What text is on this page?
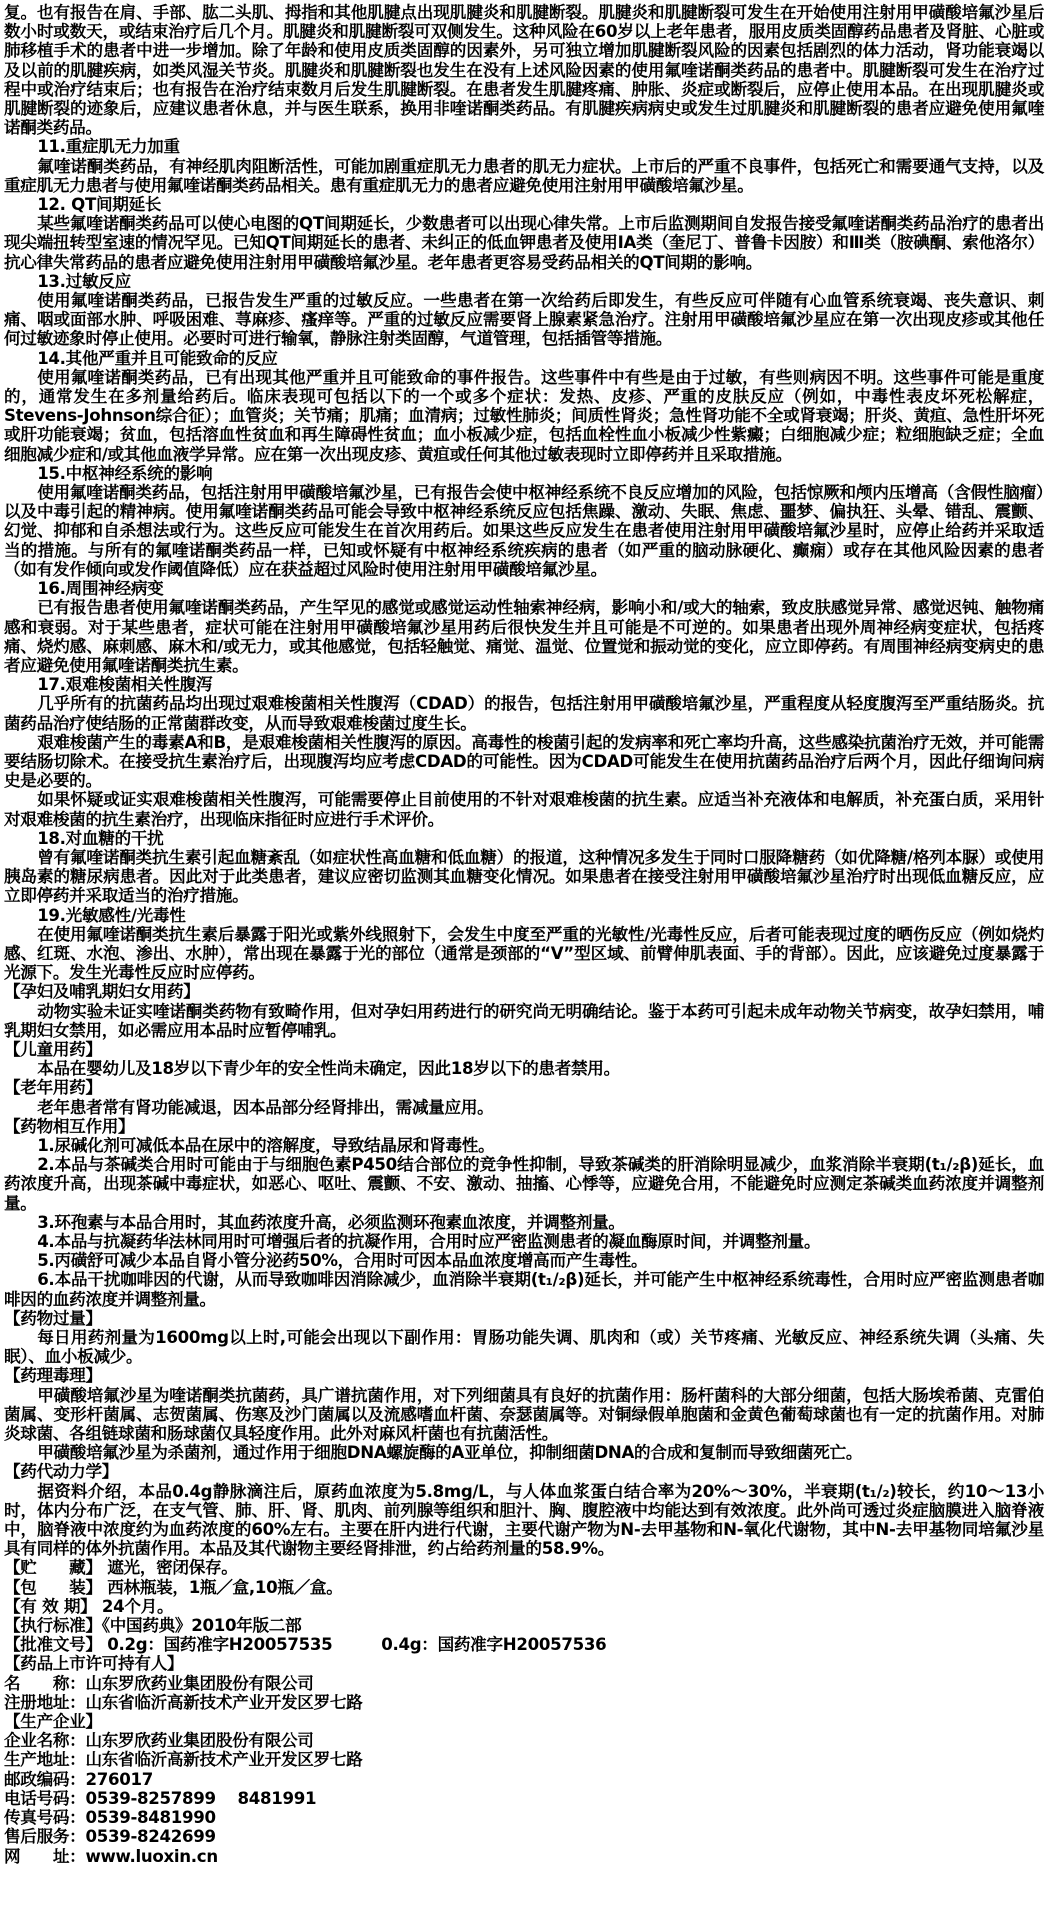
复。也有报告在肩、手部、肱二头肌、拇指和其他肌腱点出现肌腱炎和肌腱断裂。肌腱炎和肌腱断裂可发生在开始使用注射用甲磺酸培氟沙星后数小时或数天，或结束治疗后几个月。肌腱炎和肌腱断裂可双侧发生。这种风险在60岁以上老年患者，服用皮质类固醇药品患者及肾脏、心脏或肺移植手术的患者中进一步增加。除了年龄和使用皮质类固醇的因素外，另可独立增加肌腱断裂风险的因素包括剧烈的体力活动，肾功能衰竭以及以前的肌腱疾病，如类风湿关节炎。肌腱炎和肌腱断裂也发生在没有上述风险因素的使用氟喹诺酮类药品的患者中。肌腱断裂可发生在治疗过程中或治疗结束后；也有报告在治疗结束数月后发生肌腱断裂。在患者发生肌腱疼痛、肿胀、炎症或断裂后，应停止使用本品。在出现肌腱炎或肌腱断裂的迹象后，应建议患者休息，并与医生联系，换用非喹诺酮类药品。有肌腱疾病病史或发生过肌腱炎和肌腱断裂的患者应避免使用氟喹诺酮类药品。
11.重症肌无力加重
氟喹诺酮类药品，有神经肌肉阻断活性，可能加剧重症肌无力患者的肌无力症状。上市后的严重不良事件，包括死亡和需要通气支持，以及重症肌无力患者与使用氟喹诺酮类药品相关。患有重症肌无力的患者应避免使用注射用甲磺酸培氟沙星。
12. QT间期延长
某些氟喹诺酮类药品可以使心电图的QT间期延长，少数患者可以出现心律失常。上市后监测期间自发报告接受氟喹诺酮类药品治疗的患者出现尖端扭转型室速的情况罕见。已知QT间期延长的患者、未纠正的低血钾患者及使用IA类（奎尼丁、普鲁卡因胺）和Ⅲ类（胺碘酮、索他洛尔）抗心律失常药品的患者应避免使用注射用甲磺酸培氟沙星。老年患者更容易受药品相关的QT间期的影响。
13.过敏反应
使用氟喹诺酮类药品，已报告发生严重的过敏反应。一些患者在第一次给药后即发生，有些反应可伴随有心血管系统衰竭、丧失意识、刺痛、咽或面部水肿、呼吸困难、荨麻疹、瘙痒等。严重的过敏反应需要肾上腺素紧急治疗。注射用甲磺酸培氟沙星应在第一次出现皮疹或其他任何过敏迹象时停止使用。必要时可进行输氧，静脉注射类固醇，气道管理，包括插管等措施。
14.其他严重并且可能致命的反应
使用氟喹诺酮类药品，已有出现其他严重并且可能致命的事件报告。这些事件中有些是由于过敏，有些则病因不明。这些事件可能是重度的，通常发生在多剂量给药后。临床表现可包括以下的一个或多个症状：发热、皮疹、严重的皮肤反应（例如，中毒性表皮坏死松解症，Stevens-Johnson综合征）；血管炎；关节痛；肌痛；血清病；过敏性肺炎；间质性肾炎；急性肾功能不全或肾衰竭；肝炎、黄疸、急性肝坏死或肝功能衰竭；贫血，包括溶血性贫血和再生障碍性贫血；血小板减少症，包括血栓性血小板减少性紫癜；白细胞减少症；粒细胞缺乏症；全血细胞减少症和/或其他血液学异常。应在第一次出现皮疹、黄疸或任何其他过敏表现时立即停药并且采取措施。
15.中枢神经系统的影响
使用氟喹诺酮类药品，包括注射用甲磺酸培氟沙星，已有报告会使中枢神经系统不良反应增加的风险，包括惊厥和颅内压增高（含假性脑瘤）以及中毒引起的精神病。使用氟喹诺酮类药品可能会导致中枢神经系统反应包括焦躁、激动、失眠、焦虑、噩梦、偏执狂、头晕、错乱、震颤、幻觉、抑郁和自杀想法或行为。这些反应可能发生在首次用药后。如果这些反应发生在患者使用注射用甲磺酸培氟沙星时，应停止给药并采取适当的措施。与所有的氟喹诺酮类药品一样，已知或怀疑有中枢神经系统疾病的患者（如严重的脑动脉硬化、癫痫）或存在其他风险因素的患者（如有发作倾向或发作阈值降低）应在获益超过风险时使用注射用甲磺酸培氟沙星。
16.周围神经病变
已有报告患者使用氟喹诺酮类药品，产生罕见的感觉或感觉运动性轴索神经病，影响小和/或大的轴索，致皮肤感觉异常、感觉迟钝、触物痛感和衰弱。对于某些患者，症状可能在注射用甲磺酸培氟沙星用药后很快发生并且可能是不可逆的。如果患者出现外周神经病变症状，包括疼痛、烧灼感、麻刺感、麻木和/或无力，或其他感觉，包括轻触觉、痛觉、温觉、位置觉和振动觉的变化，应立即停药。有周围神经病变病史的患者应避免使用氟喹诺酮类抗生素。
17.艰难梭菌相关性腹泻
几乎所有的抗菌药品均出现过艰难梭菌相关性腹泻（CDAD）的报告，包括注射用甲磺酸培氟沙星，严重程度从轻度腹泻至严重结肠炎。抗菌药品治疗使结肠的正常菌群改变，从而导致艰难梭菌过度生长。
艰难梭菌产生的毒素A和B，是艰难梭菌相关性腹泻的原因。高毒性的梭菌引起的发病率和死亡率均升高，这些感染抗菌治疗无效，并可能需要结肠切除术。在接受抗生素治疗后，出现腹泻均应考虑CDAD的可能性。因为CDAD可能发生在使用抗菌药品治疗后两个月，因此仔细询问病史是必要的。
如果怀疑或证实艰难梭菌相关性腹泻，可能需要停止目前使用的不针对艰难梭菌的抗生素。应适当补充液体和电解质，补充蛋白质，采用针对艰难梭菌的抗生素治疗，出现临床指征时应进行手术评价。
18.对血糖的干扰
曾有氟喹诺酮类抗生素引起血糖紊乱（如症状性高血糖和低血糖）的报道，这种情况多发生于同时口服降糖药（如优降糖/格列本脲）或使用胰岛素的糖尿病患者。因此对于此类患者，建议应密切监测其血糖变化情况。如果患者在接受注射用甲磺酸培氟沙星治疗时出现低血糖反应，应立即停药并采取适当的治疗措施。
19.光敏感性/光毒性
在使用氟喹诺酮类抗生素后暴露于阳光或紫外线照射下，会发生中度至严重的光敏性/光毒性反应，后者可能表现过度的晒伤反应（例如烧灼感、红斑、水泡、渗出、水肿），常出现在暴露于光的部位（通常是颈部的“V”型区域、前臂伸肌表面、手的背部）。因此，应该避免过度暴露于光源下。发生光毒性反应时应停药。
【孕妇及哺乳期妇女用药】
动物实验未证实喹诺酮类药物有致畸作用，但对孕妇用药进行的研究尚无明确结论。鉴于本药可引起未成年动物关节病变，故孕妇禁用，哺乳期妇女禁用，如必需应用本品时应暂停哺乳。
【儿童用药】
本品在婴幼儿及18岁以下青少年的安全性尚未确定，因此18岁以下的患者禁用。
【老年用药】
老年患者常有肾功能减退，因本品部分经肾排出，需减量应用。
【药物相互作用】
1.尿碱化剂可减低本品在尿中的溶解度，导致结晶尿和肾毒性。
2.本品与茶碱类合用时可能由于与细胞色素P450结合部位的竞争性抑制，导致茶碱类的肝消除明显减少，血浆消除半衰期(t₁/₂β)延长，血药浓度升高，出现茶碱中毒症状，如恶心、呕吐、震颤、不安、激动、抽搐、心悸等，应避免合用，不能避免时应测定茶碱类血药浓度并调整剂量。
3.环孢素与本品合用时，其血药浓度升高，必须监测环孢素血浓度，并调整剂量。
4.本品与抗凝药华法林同用时可增强后者的抗凝作用，合用时应严密监测患者的凝血酶原时间，并调整剂量。
5.丙磺舒可减少本品自肾小管分泌药50%，合用时可因本品血浓度增高而产生毒性。
6.本品干扰咖啡因的代谢，从而导致咖啡因消除减少，血消除半衰期(t₁/₂β)延长，并可能产生中枢神经系统毒性，合用时应严密监测患者咖啡因的血药浓度并调整剂量。
【药物过量】
每日用药剂量为1600mg以上时,可能会出现以下副作用：胃肠功能失调、肌肉和（或）关节疼痛、光敏反应、神经系统失调（头痛、失眠）、血小板减少。
【药理毒理】
甲磺酸培氟沙星为喹诺酮类抗菌药，具广谱抗菌作用，对下列细菌具有良好的抗菌作用：肠杆菌科的大部分细菌，包括大肠埃希菌、克雷伯菌属、变形杆菌属、志贺菌属、伤寒及沙门菌属以及流感嗜血杆菌、奈瑟菌属等。对铜绿假单胞菌和金黄色葡萄球菌也有一定的抗菌作用。对肺炎球菌、各组链球菌和肠球菌仅具轻度作用。此外对麻风杆菌也有抗菌活性。
甲磺酸培氟沙星为杀菌剂，通过作用于细胞DNA螺旋酶的A亚单位，抑制细菌DNA的合成和复制而导致细菌死亡。
【药代动力学】
据资料介绍，本品0.4g静脉滴注后，原药血浓度为5.8mg/L，与人体血浆蛋白结合率为20%～30%，半衰期(t₁/₂)较长，约10～13小时，体内分布广泛，在支气管、肺、肝、肾、肌肉、前列腺等组织和胆汁、胸、腹腔液中均能达到有效浓度。此外尚可透过炎症脑膜进入脑脊液中，脑脊液中浓度约为血药浓度的60%左右。主要在肝内进行代谢，主要代谢产物为N-去甲基物和N-氧化代谢物，其中N-去甲基物同培氟沙星具有同样的体外抗菌作用。本品及其代谢物主要经肾排泄，约占给药剂量的58.9%。
【贮　　藏】 遮光，密闭保存。
【包　　装】 西林瓶装，1瓶／盒,10瓶／盒。
【有 效 期】 24个月。
【执行标准】《中国药典》2010年版二部
【批准文号】 0.2g：国药准字H20057535　　　0.4g：国药准字H20057536
【药品上市许可持有人】
名　　称：山东罗欣药业集团股份有限公司
注册地址：山东省临沂高新技术产业开发区罗七路
【生产企业】
企业名称：山东罗欣药业集团股份有限公司
生产地址：山东省临沂高新技术产业开发区罗七路
邮政编码：276017
电话号码：0539-8257899　 8481991
传真号码：0539-8481990
售后服务：0539-8242699
网　　址：www.luoxin.cn
